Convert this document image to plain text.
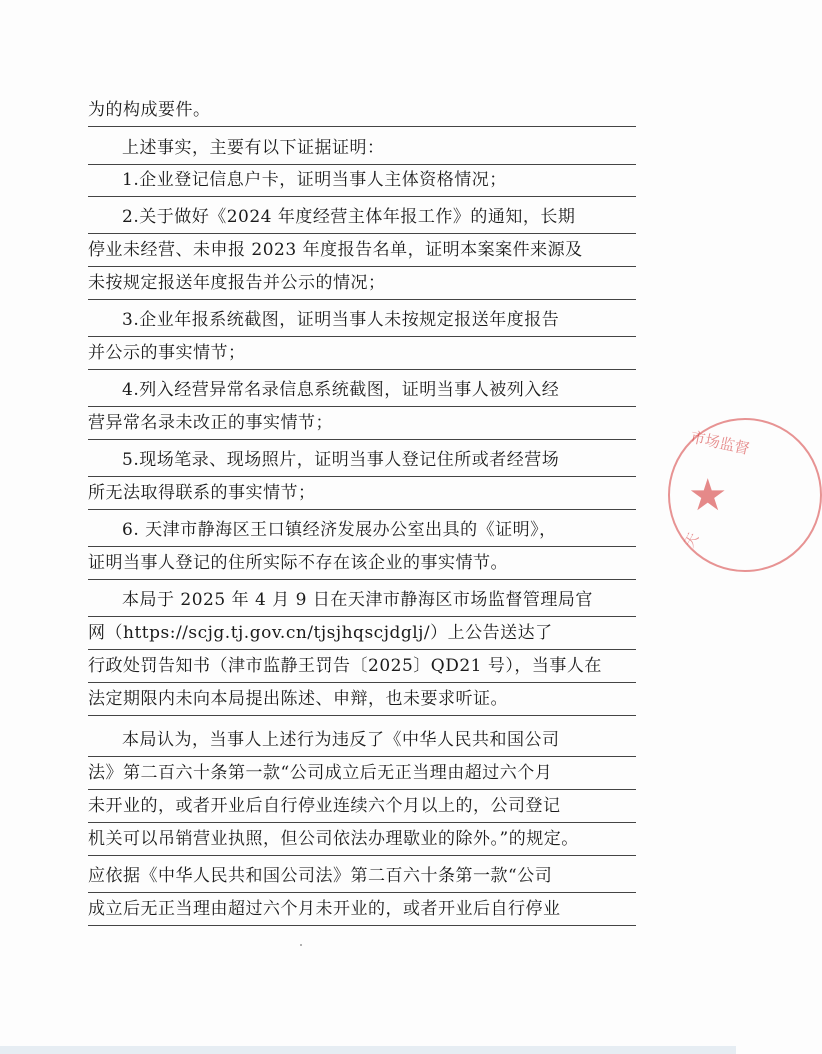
为的构成要件。
上述事实，主要有以下证据证明：
1.企业登记信息户卡，证明当事人主体资格情况；
2.关于做好《2024 年度经营主体年报工作》的通知，长期
停业未经营、未申报 2023 年度报告名单，证明本案案件来源及
未按规定报送年度报告并公示的情况；
3.企业年报系统截图，证明当事人未按规定报送年度报告
并公示的事实情节；
4.列入经营异常名录信息系统截图，证明当事人被列入经
营异常名录未改正的事实情节；
5.现场笔录、现场照片，证明当事人登记住所或者经营场
所无法取得联系的事实情节；
6. 天津市静海区王口镇经济发展办公室出具的《证明》，
证明当事人登记的住所实际不存在该企业的事实情节。
本局于 2025 年 4 月 9 日在天津市静海区市场监督管理局官
网（https://scjg.tj.gov.cn/tjsjhqscjdglj/）上公告送达了
行政处罚告知书（津市监静王罚告〔2025〕QD21 号），当事人在
法定期限内未向本局提出陈述、申辩，也未要求听证。
本局认为，当事人上述行为违反了《中华人民共和国公司
法》第二百六十条第一款“公司成立后无正当理由超过六个月
未开业的，或者开业后自行停业连续六个月以上的，公司登记
机关可以吊销营业执照，但公司依法办理歇业的除外。”的规定。
应依据《中华人民共和国公司法》第二百六十条第一款“公司
成立后无正当理由超过六个月未开业的，或者开业后自行停业
市场监督
★
天
